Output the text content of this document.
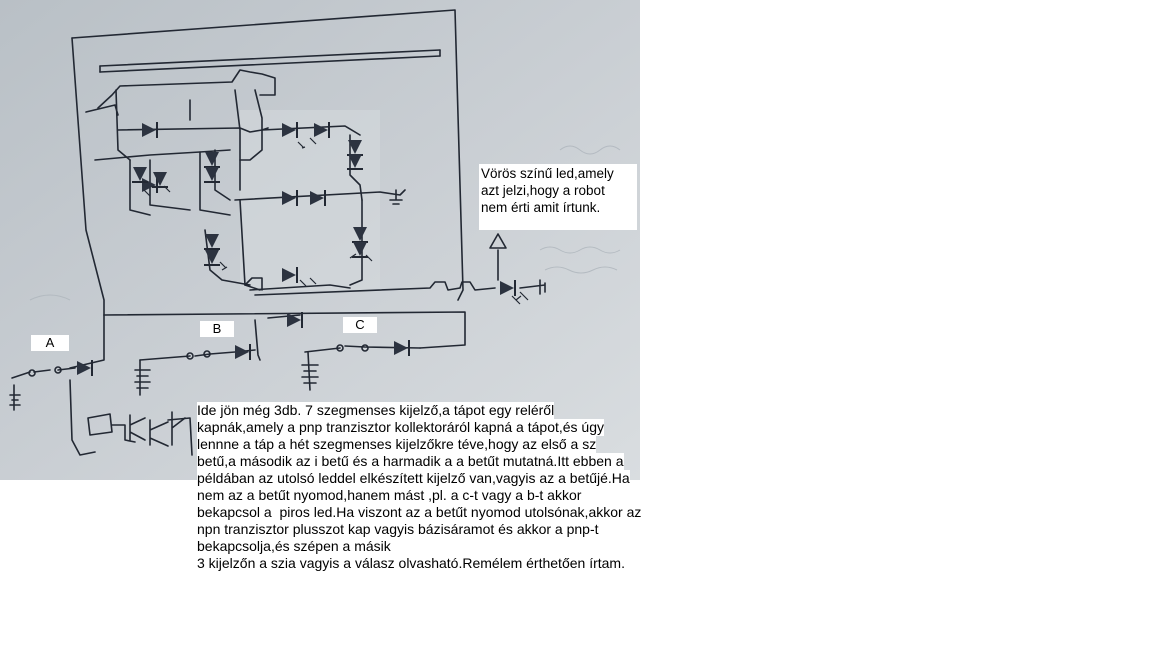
A
B	C
Vörös színű led,amely
azt jelzi,hogy a robot
nem érti amit írtunk.
Ide jön még 3db. 7 szegmenses kijelző,a tápot egy reléről
kapnák,amely a pnp tranzisztor kollektoráról kapná a tápot,és úgy
lennne a táp a hét szegmenses kijelzőkre téve,hogy az első a sz
betű,a második az i betű és a harmadik a a betűt mutatná.Itt ebben a
példában az utolsó leddel elkészített kijelző van,vagyis az a betűjé.Ha
nem az a betűt nyomod,hanem mást ,pl. a c-t vagy a b-t akkor
bekapcsol a  piros led.Ha viszont az a betűt nyomod utolsónak,akkor az
npn tranzisztor plusszot kap vagyis bázisáramot és akkor a pnp-t
bekapcsolja,és szépen a másik
3 kijelzőn a szia vagyis a válasz olvasható.Remélem érthetően írtam.
